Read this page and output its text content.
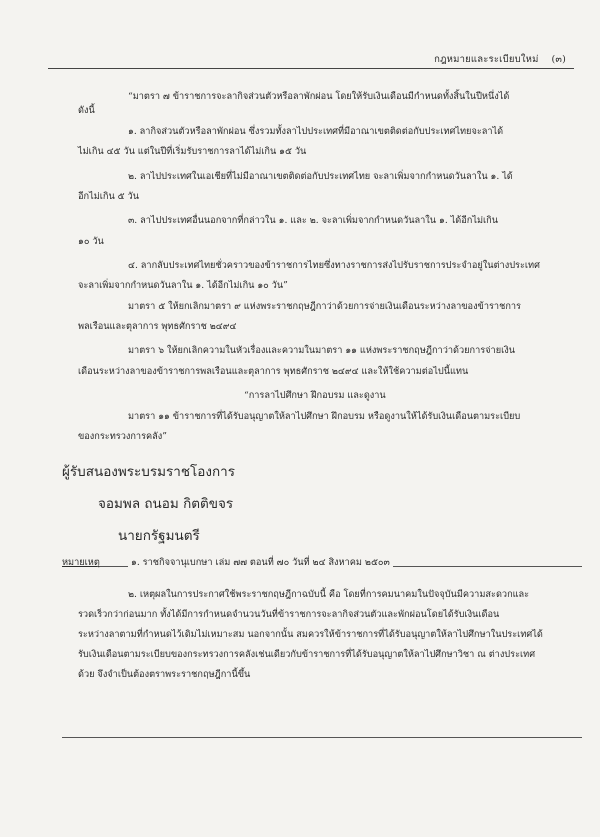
กฎหมายและระเบียบใหม่ (๓)
“มาตรา ๗ ข้าราชการจะลากิจส่วนตัวหรือลาพักผ่อน โดยให้รับเงินเดือนมีกำหนดทั้งสิ้นในปีหนึ่งได้
ดังนี้
๑. ลากิจส่วนตัวหรือลาพักผ่อน ซึ่งรวมทั้งลาไปประเทศที่มีอาณาเขตติดต่อกับประเทศไทยจะลาได้
ไม่เกิน ๔๕ วัน แต่ในปีที่เริ่มรับราชการลาได้ไม่เกิน ๑๕ วัน
๒. ลาไปประเทศในเอเชียที่ไม่มีอาณาเขตติดต่อกับประเทศไทย จะลาเพิ่มจากกำหนดวันลาใน ๑. ได้
อีกไม่เกิน ๕ วัน
๓. ลาไปประเทศอื่นนอกจากที่กล่าวใน ๑. และ ๒. จะลาเพิ่มจากกำหนดวันลาใน ๑. ได้อีกไม่เกิน
๑๐ วัน
๔. ลากลับประเทศไทยชั่วคราวของข้าราชการไทยซึ่งทางราชการส่งไปรับราชการประจำอยู่ในต่างประเทศ
จะลาเพิ่มจากกำหนดวันลาใน ๑. ได้อีกไม่เกิน ๑๐ วัน”
มาตรา ๕ ให้ยกเลิกมาตรา ๙ แห่งพระราชกฤษฎีกาว่าด้วยการจ่ายเงินเดือนระหว่างลาของข้าราชการ
พลเรือนและตุลาการ พุทธศักราช ๒๔๙๔
มาตรา ๖ ให้ยกเลิกความในหัวเรื่องและความในมาตรา ๑๑ แห่งพระราชกฤษฎีกาว่าด้วยการจ่ายเงิน
เดือนระหว่างลาของข้าราชการพลเรือนและตุลาการ พุทธศักราช ๒๔๙๔ และให้ใช้ความต่อไปนี้แทน
“การลาไปศึกษา ฝึกอบรม และดูงาน
มาตรา ๑๑ ข้าราชการที่ได้รับอนุญาตให้ลาไปศึกษา ฝึกอบรม หรือดูงานให้ได้รับเงินเดือนตามระเบียบ
ของกระทรวงการคลัง”
ผู้รับสนองพระบรมราชโองการ
จอมพล ถนอม กิตติขจร
นายกรัฐมนตรี
หมายเหตุ	๑. ราชกิจจานุเบกษา เล่ม ๗๗ ตอนที่ ๗๐ วันที่ ๒๔ สิงหาคม ๒๕๐๓
๒. เหตุผลในการประกาศใช้พระราชกฤษฎีกาฉบับนี้ คือ โดยที่การคมนาคมในปัจจุบันมีความสะดวกและ
รวดเร็วกว่าก่อนมาก ทั้งได้มีการกำหนดจำนวนวันที่ข้าราชการจะลากิจส่วนตัวและพักผ่อนโดยได้รับเงินเดือน
ระหว่างลาตามที่กำหนดไว้เดิมไม่เหมาะสม นอกจากนั้น สมควรให้ข้าราชการที่ได้รับอนุญาตให้ลาไปศึกษาในประเทศได้
รับเงินเดือนตามระเบียบของกระทรวงการคลังเช่นเดียวกับข้าราชการที่ได้รับอนุญาตให้ลาไปศึกษาวิชา ณ ต่างประเทศ
ด้วย จึงจำเป็นต้องตราพระราชกฤษฎีกานี้ขึ้น
